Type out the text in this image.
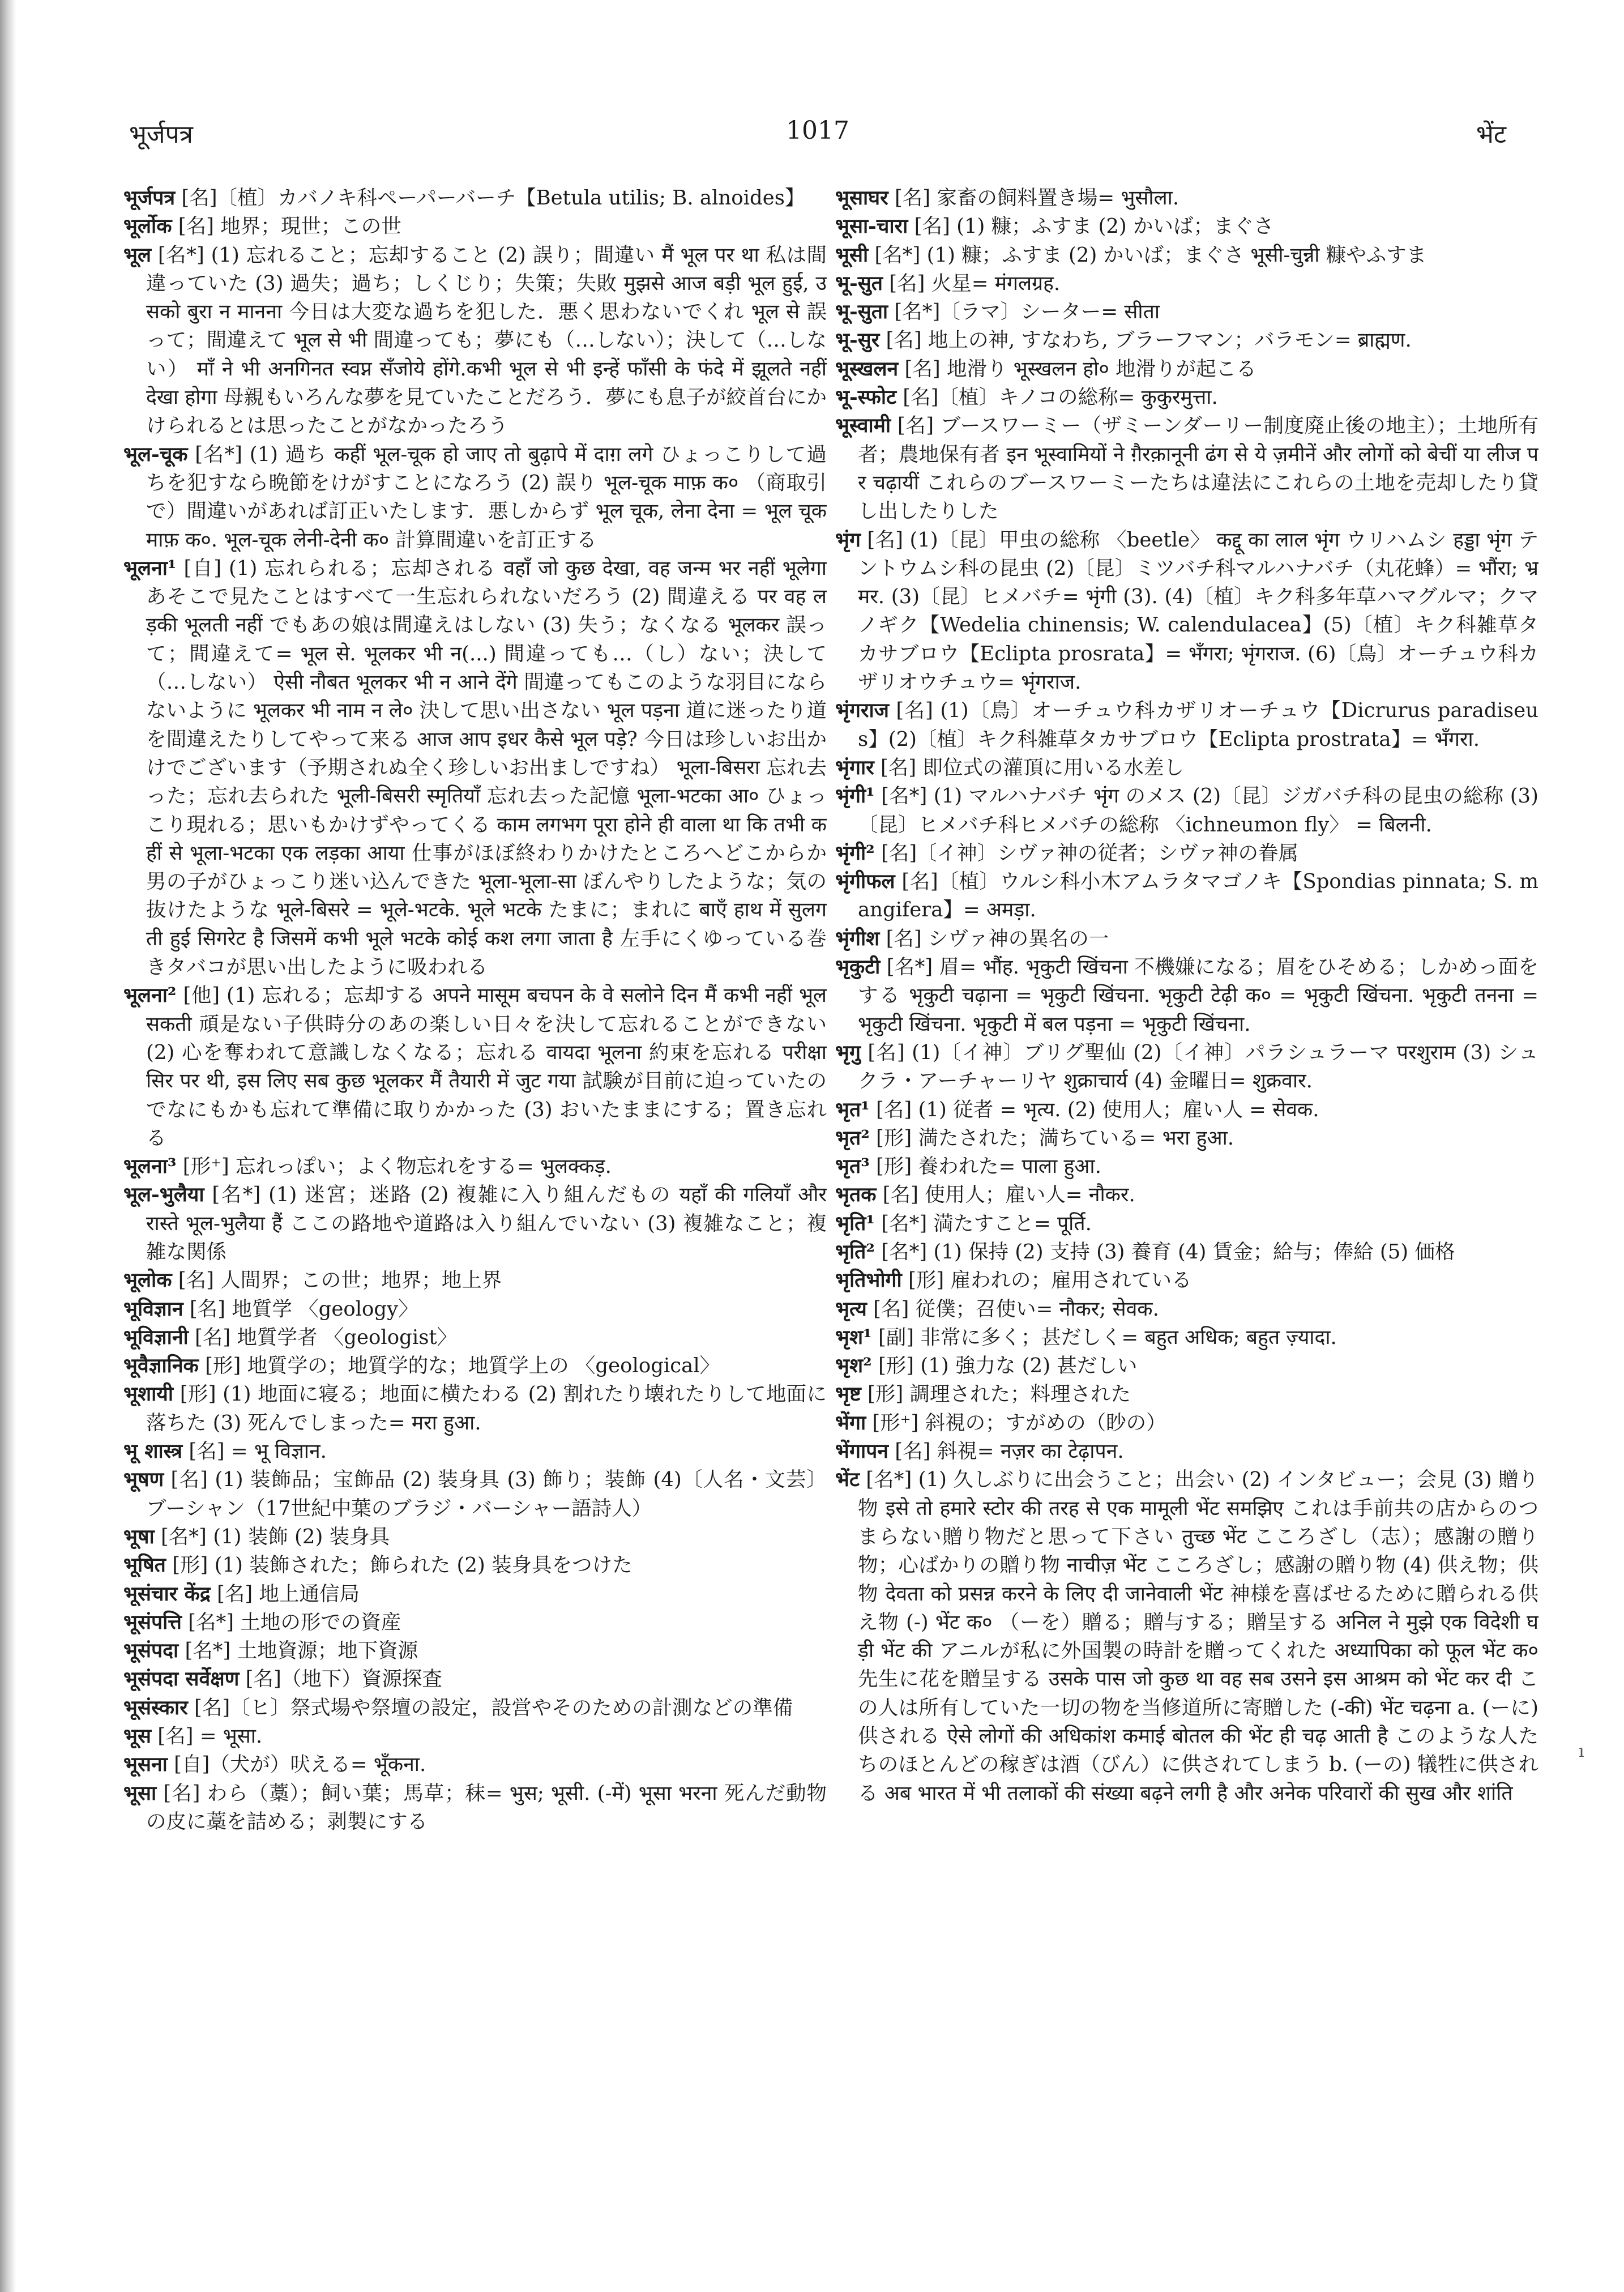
भूर्जपत्र	1017	भेंट

भूर्जपत्र [名]〔植〕カバノキ科ペーパーバーチ【Betula utilis; B. alnoides】

भूर्लोक [名] 地界；現世；この世

भूल [名*] (1) 忘れること；忘却すること (2) 誤り；間違い मैं भूल पर था 私は間違っていた (3) 過失；過ち；しくじり；失策；失敗 मुझसे आज बड़ी भूल हुई, उसको बुरा न मानना 今日は大変な過ちを犯した．悪く思わないでくれ भूल से 誤って；間違えて भूल से भी 間違っても；夢にも（…しない）；決して（…しない） माँ ने भी अनगिनत स्वप्न सँजोये होंगे.कभी भूल से भी इन्हें फाँसी के फंदे में झूलते नहीं देखा होगा 母親もいろんな夢を見ていたことだろう．夢にも息子が絞首台にかけられるとは思ったことがなかったろう

भूल-चूक [名*] (1) 過ち कहीं भूल-चूक हो जाए तो बुढ़ापे में दाग़ लगे ひょっこりして過ちを犯すなら晩節をけがすことになろう (2) 誤り भूल-चूक माफ़ क० （商取引で）間違いがあれば訂正いたします．悪しからず भूल चूक, लेना देना = भूल चूक माफ़ क०. भूल-चूक लेनी-देनी क० 計算間違いを訂正する

भूलना¹ [自] (1) 忘れられる；忘却される वहाँ जो कुछ देखा, वह जन्म भर नहीं भूलेगा あそこで見たことはすべて一生忘れられないだろう (2) 間違える पर वह लड़की भूलती नहीं でもあの娘は間違えはしない (3) 失う；なくなる भूलकर 誤って；間違えて= भूल से. भूलकर भी न(...) 間違っても…（し）ない；決して（…しない） ऐसी नौबत भूलकर भी न आने देंगे 間違ってもこのような羽目にならないように भूलकर भी नाम न ले० 決して思い出さない भूल पड़ना 道に迷ったり道を間違えたりしてやって来る आज आप इधर कैसे भूल पड़े? 今日は珍しいお出かけでございます（予期されぬ全く珍しいお出ましですね） भूला-बिसरा 忘れ去った；忘れ去られた भूली-बिसरी स्मृतियाँ 忘れ去った記憶 भूला-भटका आ० ひょっこり現れる；思いもかけずやってくる काम लगभग पूरा होने ही वाला था कि तभी कहीं से भूला-भटका एक लड़का आया 仕事がほぼ終わりかけたところへどこからか男の子がひょっこり迷い込んできた भूला-भूला-सा ぼんやりしたような；気の抜けたような भूले-बिसरे = भूले-भटके. भूले भटके たまに；まれに बाएँ हाथ में सुलगती हुई सिगरेट है जिसमें कभी भूले भटके कोई कश लगा जाता है 左手にくゆっている巻きタバコが思い出したように吸われる

भूलना² [他] (1) 忘れる；忘却する अपने मासूम बचपन के वे सलोने दिन मैं कभी नहीं भूल सकती 頑是ない子供時分のあの楽しい日々を決して忘れることができない (2) 心を奪われて意識しなくなる；忘れる वायदा भूलना 約束を忘れる परीक्षा सिर पर थी, इस लिए सब कुछ भूलकर मैं तैयारी में जुट गया 試験が目前に迫っていたのでなにもかも忘れて準備に取りかかった (3) おいたままにする；置き忘れる

भूलना³ [形⁺] 忘れっぽい；よく物忘れをする= भुलक्कड़.

भूल-भुलैया [名*] (1) 迷宮；迷路 (2) 複雑に入り組んだもの यहाँ की गलियाँ और रास्ते भूल-भुलैया हैं ここの路地や道路は入り組んでいない (3) 複雑なこと；複雑な関係

भूलोक [名] 人間界；この世；地界；地上界

भूविज्ञान [名] 地質学 〈geology〉

भूविज्ञानी [名] 地質学者 〈geologist〉

भूवैज्ञानिक [形] 地質学の；地質学的な；地質学上の 〈geological〉

भूशायी [形] (1) 地面に寝る；地面に横たわる (2) 割れたり壊れたりして地面に落ちた (3) 死んでしまった= मरा हुआ.

भू शास्त्र [名] = भू विज्ञान.

भूषण [名] (1) 装飾品；宝飾品 (2) 装身具 (3) 飾り；装飾 (4)〔人名・文芸〕ブーシャン（17世紀中葉のブラジ・バーシャー語詩人）

भूषा [名*] (1) 装飾 (2) 装身具

भूषित [形] (1) 装飾された；飾られた (2) 装身具をつけた

भूसंचार केंद्र [名] 地上通信局

भूसंपत्ति [名*] 土地の形での資産

भूसंपदा [名*] 土地資源；地下資源

भूसंपदा सर्वेक्षण [名]（地下）資源探査

भूसंस्कार [名]〔ヒ〕祭式場や祭壇の設定，設営やそのための計測などの準備

भूस [名] = भूसा.

भूसना [自]（犬が）吠える= भूँकना.

भूसा [名] わら（藁）；飼い葉；馬草；秣= भुस; भूसी. (-में) भूसा भरना 死んだ動物の皮に藁を詰める；剥製にする

भूसाघर [名] 家畜の飼料置き場= भुसौला.

भूसा-चारा [名] (1) 糠；ふすま (2) かいば；まぐさ

भूसी [名*] (1) 糠；ふすま (2) かいば；まぐさ भूसी-चुन्नी 糠やふすま

भू-सुत [名] 火星= मंगलग्रह.

भू-सुता [名*]〔ラマ〕シーター= सीता

भू-सुर [名] 地上の神, すなわち, ブラーフマン；バラモン= ब्राह्मण.

भूस्खलन [名] 地滑り भूस्खलन हो० 地滑りが起こる

भू-स्फोट [名]〔植〕キノコの総称= कुकुरमुत्ता.

भूस्वामी [名] ブースワーミー（ザミーンダーリー制度廃止後の地主）；土地所有者；農地保有者 इन भूस्वामियों ने ग़ैरक़ानूनी ढंग से ये ज़मीनें और लोगों को बेचीं या लीज पर चढ़ायीं これらのブースワーミーたちは違法にこれらの土地を売却したり貸し出したりした

भृंग [名] (1)〔昆〕甲虫の総称 〈beetle〉 कद्दू का लाल भृंग ウリハムシ हड्डा भृंग テントウムシ科の昆虫 (2)〔昆〕ミツバチ科マルハナバチ（丸花蜂）= भौंरा; भ्रमर. (3)〔昆〕ヒメバチ= भृंगी (3). (4)〔植〕キク科多年草ハマグルマ；クマノギク【Wedelia chinensis; W. calendulacea】(5)〔植〕キク科雑草タカサブロウ【Eclipta prosrata】= भँगरा; भृंगराज. (6)〔鳥〕オーチュウ科カザリオウチュウ= भृंगराज.

भृंगराज [名] (1)〔鳥〕オーチュウ科カザリオーチュウ【Dicrurus paradiseus】(2)〔植〕キク科雑草タカサブロウ【Eclipta prostrata】= भँगरा.

भृंगार [名] 即位式の灌頂に用いる水差し

भृंगी¹ [名*] (1) マルハナバチ भृंग のメス (2)〔昆〕ジガバチ科の昆虫の総称 (3)〔昆〕ヒメバチ科ヒメバチの総称 〈ichneumon fly〉 = बिलनी.

भृंगी² [名]〔イ神〕シヴァ神の従者；シヴァ神の眷属

भृंगीफल [名]〔植〕ウルシ科小木アムラタマゴノキ【Spondias pinnata; S. mangifera】= अमड़ा.

भृंगीश [名] シヴァ神の異名の一

भृकुटी [名*] 眉= भौंह. भृकुटी खिंचना 不機嫌になる；眉をひそめる；しかめっ面をする भृकुटी चढ़ाना = भृकुटी खिंचना. भृकुटी टेढ़ी क० = भृकुटी खिंचना. भृकुटी तनना = भृकुटी खिंचना. भृकुटी में बल पड़ना = भृकुटी खिंचना.

भृगु [名] (1)〔イ神〕ブリグ聖仙 (2)〔イ神〕パラシュラーマ परशुराम (3) シュクラ・アーチャーリヤ शुक्राचार्य (4) 金曜日= शुक्रवार.

भृत¹ [名] (1) 従者 = भृत्य. (2) 使用人；雇い人 = सेवक.

भृत² [形] 満たされた；満ちている= भरा हुआ.

भृत³ [形] 養われた= पाला हुआ.

भृतक [名] 使用人；雇い人= नौकर.

भृति¹ [名*] 満たすこと= पूर्ति.

भृति² [名*] (1) 保持 (2) 支持 (3) 養育 (4) 賃金；給与；俸給 (5) 価格

भृतिभोगी [形] 雇われの；雇用されている

भृत्य [名] 従僕；召使い= नौकर; सेवक.

भृश¹ [副] 非常に多く；甚だしく= बहुत अधिक; बहुत ज़्यादा.

भृश² [形] (1) 強力な (2) 甚だしい

भृष्ट [形] 調理された；料理された

भेंगा [形⁺] 斜視の；すがめの（眇の）

भेंगापन [名] 斜視= नज़र का टेढ़ापन.

भेंट [名*] (1) 久しぶりに出会うこと；出会い (2) インタビュー；会見 (3) 贈り物 इसे तो हमारे स्टोर की तरह से एक मामूली भेंट समझिए これは手前共の店からのつまらない贈り物だと思って下さい तुच्छ भेंट こころざし（志）；感謝の贈り物；心ばかりの贈り物 नाचीज़ भेंट こころざし；感謝の贈り物 (4) 供え物；供物 देवता को प्रसन्न करने के लिए दी जानेवाली भेंट 神様を喜ばせるために贈られる供え物 (-) भेंट क० （ーを）贈る；贈与する；贈呈する अनिल ने मुझे एक विदेशी घड़ी भेंट की アニルが私に外国製の時計を贈ってくれた अध्यापिका को फूल भेंट क० 先生に花を贈呈する उसके पास जो कुछ था वह सब उसने इस आश्रम को भेंट कर दी この人は所有していた一切の物を当修道所に寄贈した (-की) भेंट चढ़ना a. (ーに) 供される ऐसे लोगों की अधिकांश कमाई बोतल की भेंट ही चढ़ आती है このような人たちのほとんどの稼ぎは酒（びん）に供されてしまう b. (ーの) 犠牲に供される अब भारत में भी तलाकों की संख्या बढ़ने लगी है और अनेक परिवारों की सुख और शांति

ı
